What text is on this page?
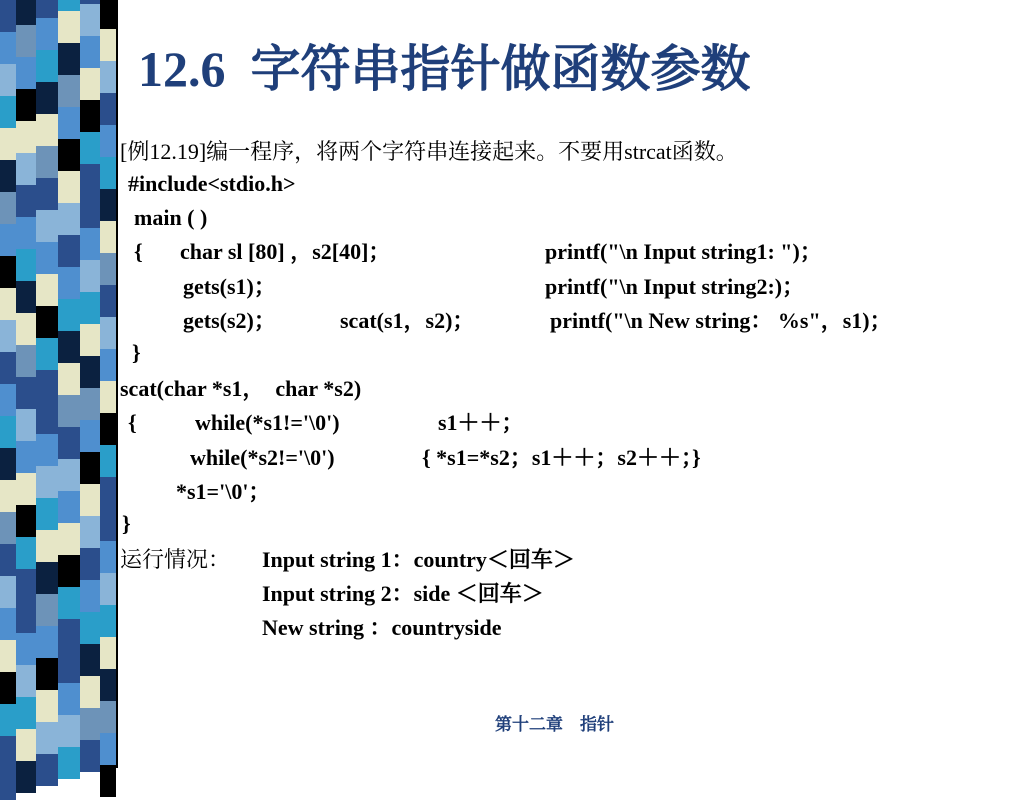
12.6  字符串指针做函数参数
[例12.19]编一程序，将两个字符串连接起来。不要用strcat函数。
#include<stdio.h>
main ( )
{ char sl [80] ，s2[40]；	printf("\n Input string1: ")；
gets(s1)；	printf("\n Input string2:)；
gets(s2)；	scat(s1，s2)；	printf("\n New string： %s"，s1)；
}
scat(char *s1，  char *s2)
{	while(*s1!='\0')	s1＋＋；
while(*s2!='\0')	{ *s1=*s2；s1＋＋；s2＋＋；}
*s1='\0'；
}
运行情况： Input string 1：country＜回车＞
Input string 2：side ＜回车＞
New string ：countryside
第十二章    指针
